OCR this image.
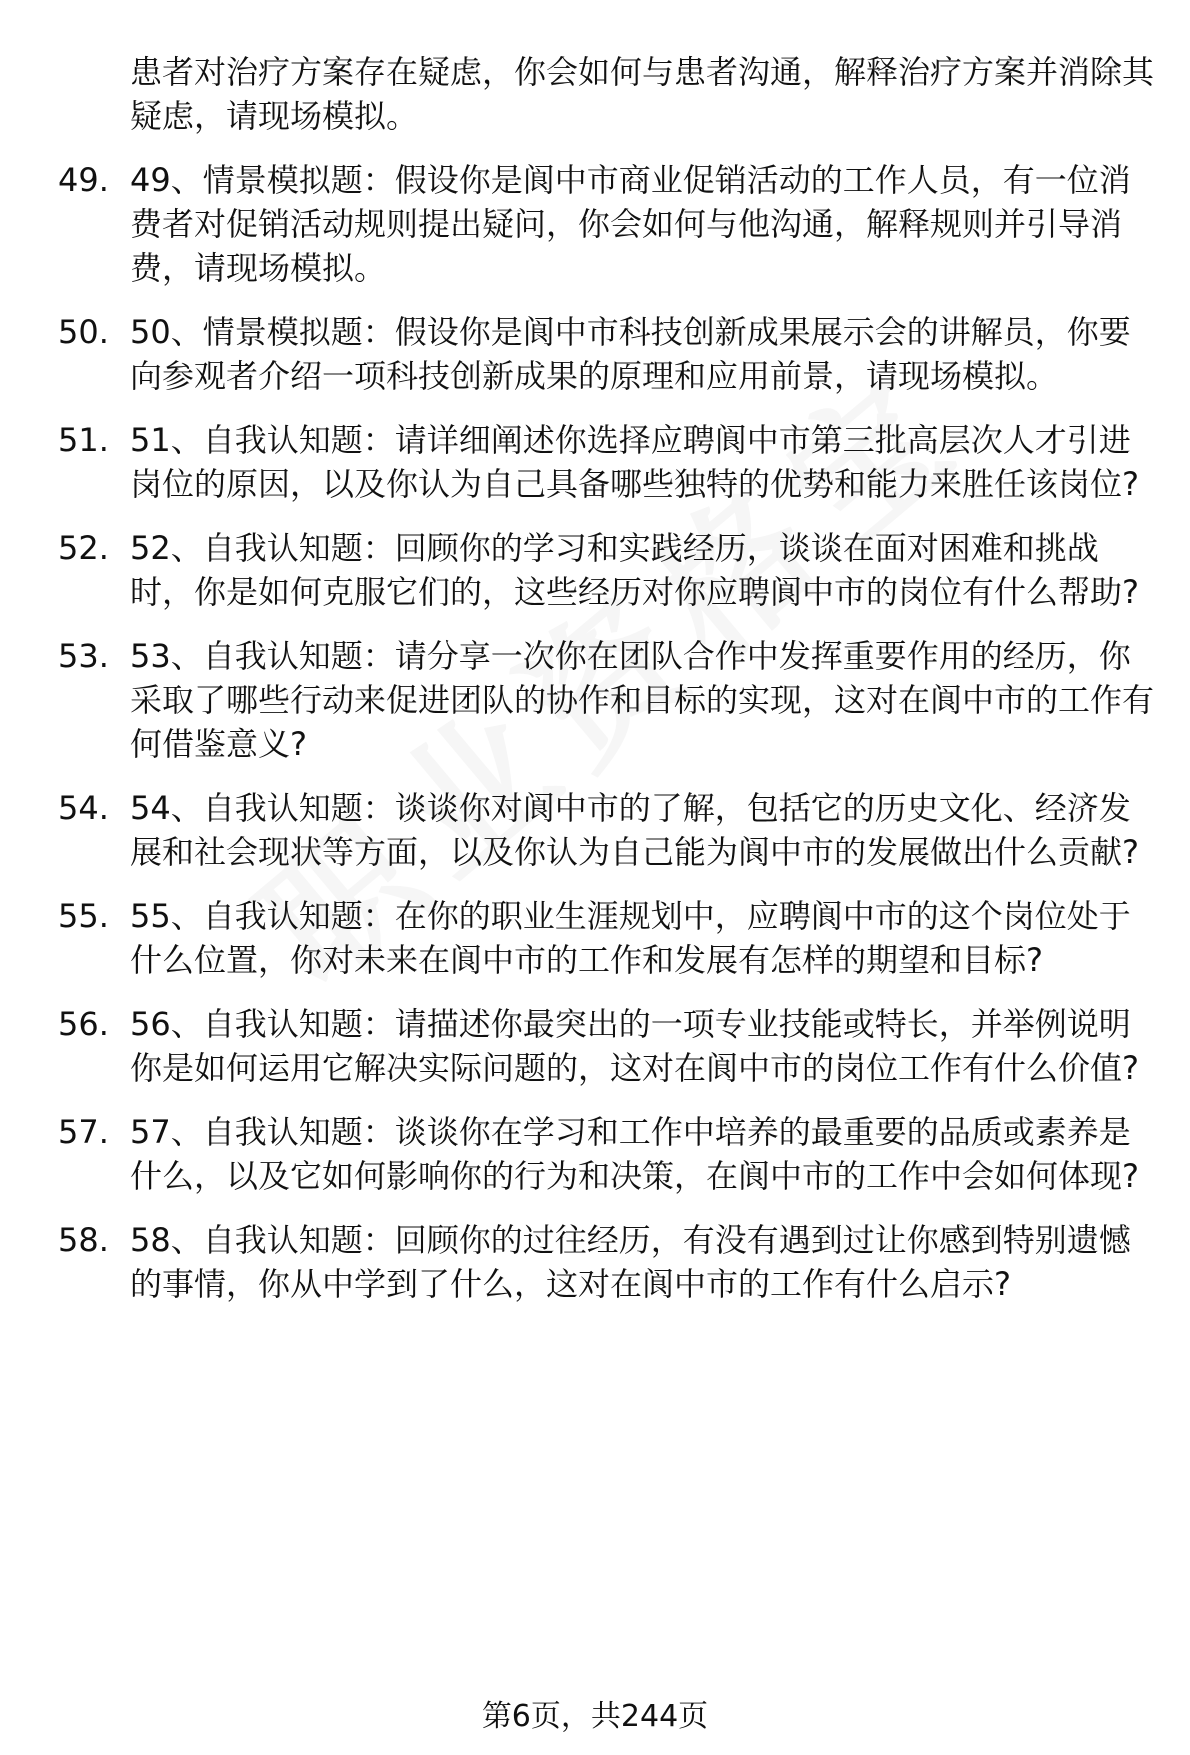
患者对治疗方案存在疑虑，你会如何与患者沟通，解释治疗方案并消除其疑虑，请现场模拟。
49. 49、情景模拟题：假设你是阆中市商业促销活动的工作人员，有一位消费者对促销活动规则提出疑问，你会如何与他沟通，解释规则并引导消费，请现场模拟。
50. 50、情景模拟题：假设你是阆中市科技创新成果展示会的讲解员，你要向参观者介绍一项科技创新成果的原理和应用前景，请现场模拟。
51. 51、自我认知题：请详细阐述你选择应聘阆中市第三批高层次人才引进岗位的原因，以及你认为自己具备哪些独特的优势和能力来胜任该岗位?
52. 52、自我认知题：回顾你的学习和实践经历，谈谈在面对困难和挑战时，你是如何克服它们的，这些经历对你应聘阆中市的岗位有什么帮助?
53. 53、自我认知题：请分享一次你在团队合作中发挥重要作用的经历，你采取了哪些行动来促进团队的协作和目标的实现，这对在阆中市的工作有何借鉴意义?
54. 54、自我认知题：谈谈你对阆中市的了解，包括它的历史文化、经济发展和社会现状等方面，以及你认为自己能为阆中市的发展做出什么贡献?
55. 55、自我认知题：在你的职业生涯规划中，应聘阆中市的这个岗位处于什么位置，你对未来在阆中市的工作和发展有怎样的期望和目标?
56. 56、自我认知题：请描述你最突出的一项专业技能或特长，并举例说明你是如何运用它解决实际问题的，这对在阆中市的岗位工作有什么价值?
57. 57、自我认知题：谈谈你在学习和工作中培养的最重要的品质或素养是什么，以及它如何影响你的行为和决策，在阆中市的工作中会如何体现?
58. 58、自我认知题：回顾你的过往经历，有没有遇到过让你感到特别遗憾的事情，你从中学到了什么，这对在阆中市的工作有什么启示?
第6页，共244页
